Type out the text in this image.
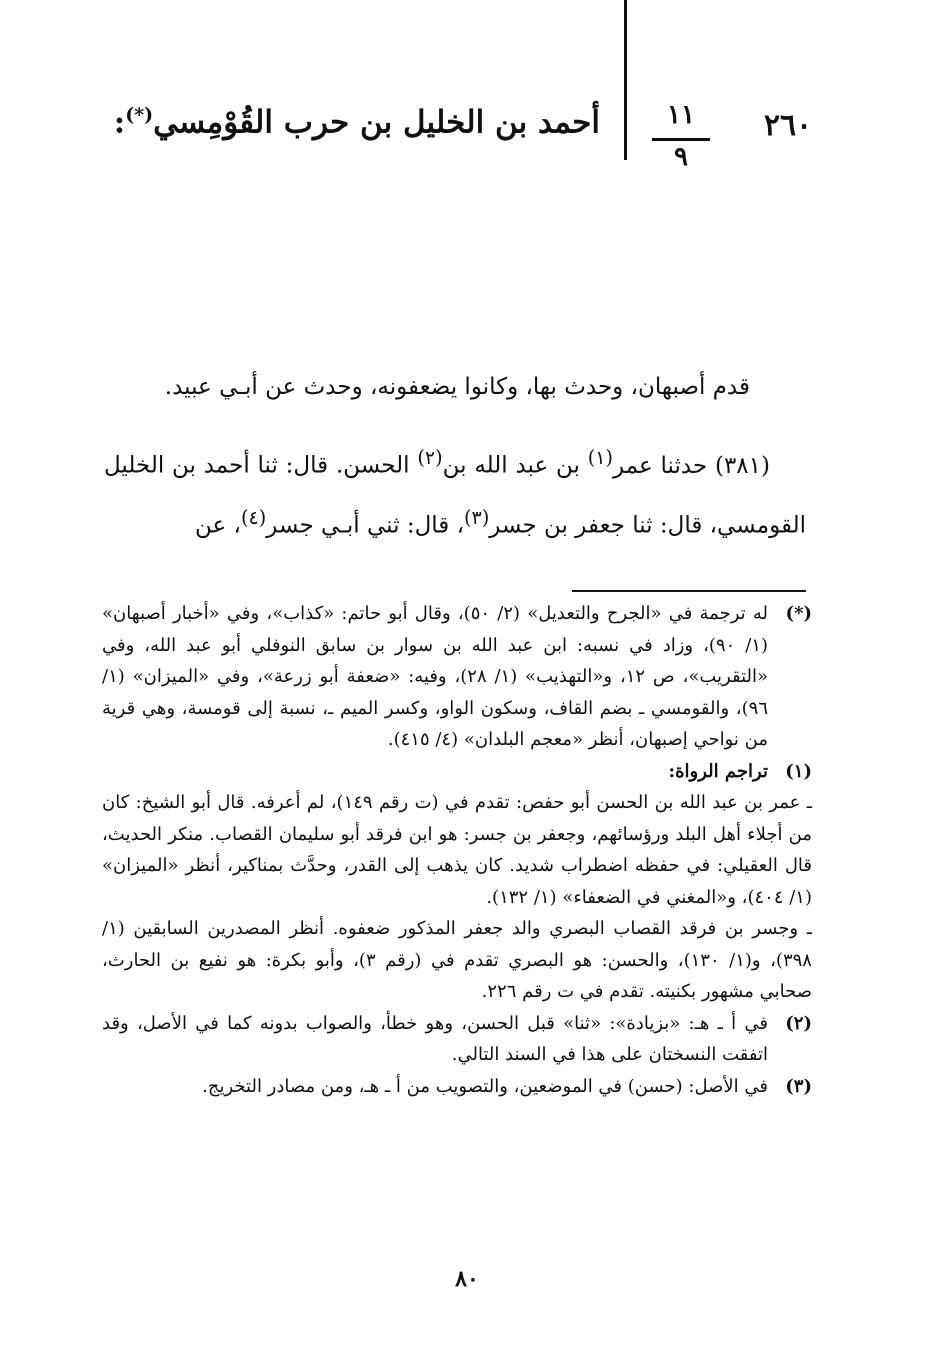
٢٦٠
١١
٩
أحمد بن الخليل بن حرب القُوْمِسي(*):
قدم أصبهان، وحدث بها، وكانوا يضعفونه، وحدث عن أبـي عبيد.
(٣٨١) حدثنا عمر$^{(١)}$ بن عبد الله بن$^{(٢)}$ الحسن. قال: ثنا أحمد بن الخليل القومسي، قال: ثنا جعفر بن جسر$^{(٣)}$، قال: ثني أبـي جسر$^{(٤)}$، عن
(*)
له ترجمة في «الجرح والتعديل» (٢/ ٥٠)، وقال أبو حاتم: «كذاب»، وفي «أخبار أصبهان» (١/ ٩٠)، وزاد في نسبه: ابن عبد الله بن سوار بن سابق النوفلي أبو عبد الله، وفي «التقريب»، ص ١٢، و«التهذيب» (١/ ٢٨)، وفيه: «ضعفة أبو زرعة»، وفي «الميزان» (١/ ٩٦)، والقومسي ـ بضم القاف، وسكون الواو، وكسر الميم ـ، نسبة إلى قومسة، وهي قرية من نواحي إصبهان، أنظر «معجم البلدان» (٤/ ٤١٥).
(١)
تراجم الرواة:
ـ عمر بن عبد الله بن الحسن أبو حفص: تقدم في (ت رقم ١٤٩)، لم أعرفه. قال أبو الشيخ: كان من أجلاء أهل البلد ورؤسائهم، وجعفر بن جسر: هو ابن فرقد أبو سليمان القصاب. منكر الحديث، قال العقيلي: في حفظه اضطراب شديد. كان يذهب إلى القدر، وحدَّث بمناكير، أنظر «الميزان» (١/ ٤٠٤)، و«المغني في الضعفاء» (١/ ١٣٢).
ـ وجسر بن فرقد القصاب البصري والد جعفر المذكور ضعفوه. أنظر المصدرين السابقين (١/ ٣٩٨)، و(١/ ١٣٠)، والحسن: هو البصري تقدم في (رقم ٣)، وأبو بكرة: هو نفيع بن الحارث، صحابي مشهور بكنيته. تقدم في ت رقم ٢٢٦.
(٢)
في أ ـ هـ: «بزيادة»: «ثنا» قبل الحسن، وهو خطأ، والصواب بدونه كما في الأصل، وقد اتفقت النسختان على هذا في السند التالي.
(٣)
في الأصل: (حسن) في الموضعين، والتصويب من أ ـ هـ، ومن مصادر التخريج.
٨٠
